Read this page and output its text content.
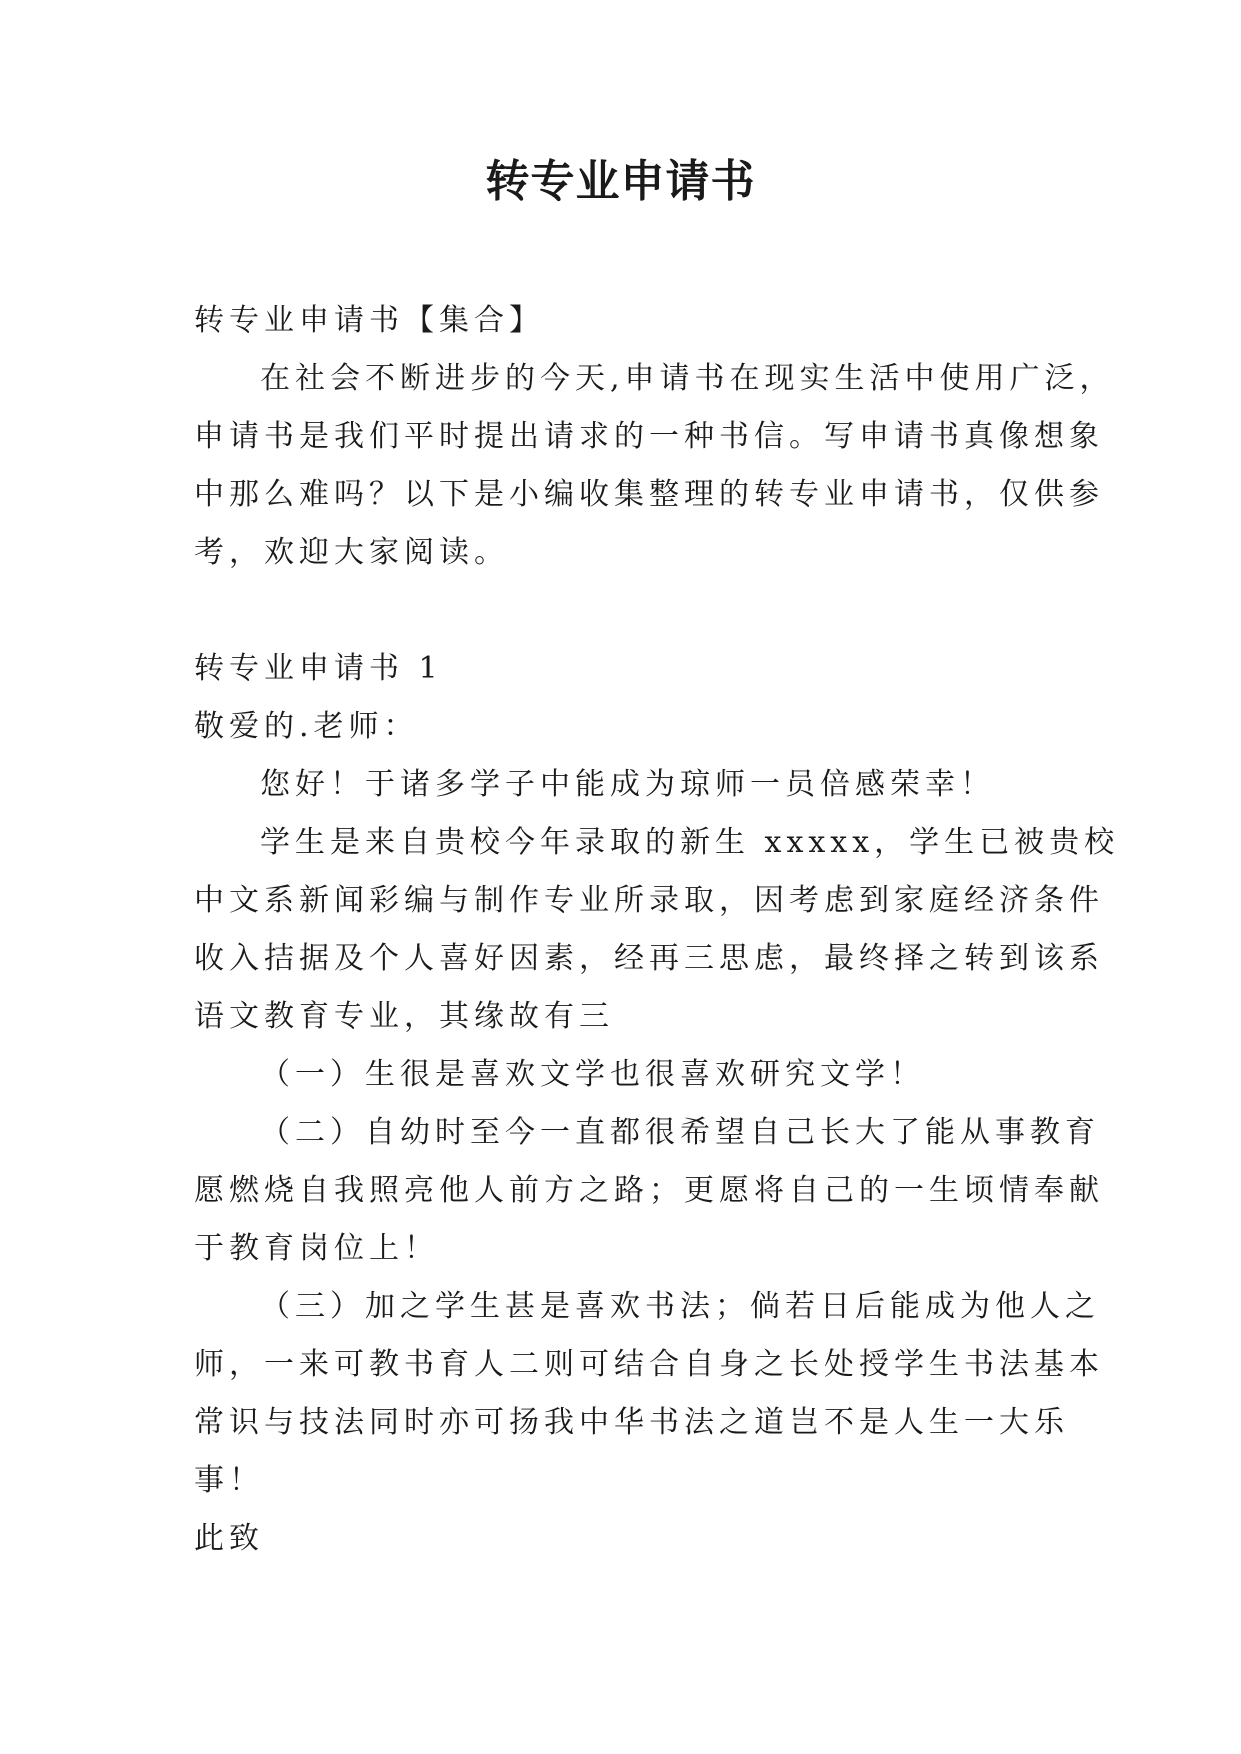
转专业申请书
转专业申请书【集合】
在社会不断进步的今天,申请书在现实生活中使用广泛，
申请书是我们平时提出请求的一种书信。写申请书真像想象
中那么难吗？以下是小编收集整理的转专业申请书，仅供参
考，欢迎大家阅读。
转专业申请书 1
敬爱的.老师：
您好！于诸多学子中能成为琼师一员倍感荣幸！
学生是来自贵校今年录取的新生 xxxxx，学生已被贵校
中文系新闻彩编与制作专业所录取，因考虑到家庭经济条件
收入拮据及个人喜好因素，经再三思虑，最终择之转到该系
语文教育专业，其缘故有三
（一）生很是喜欢文学也很喜欢研究文学！
（二）自幼时至今一直都很希望自己长大了能从事教育
愿燃烧自我照亮他人前方之路；更愿将自己的一生顷情奉献
于教育岗位上！
（三）加之学生甚是喜欢书法；倘若日后能成为他人之
师，一来可教书育人二则可结合自身之长处授学生书法基本
常识与技法同时亦可扬我中华书法之道岂不是人生一大乐
事！
此致
